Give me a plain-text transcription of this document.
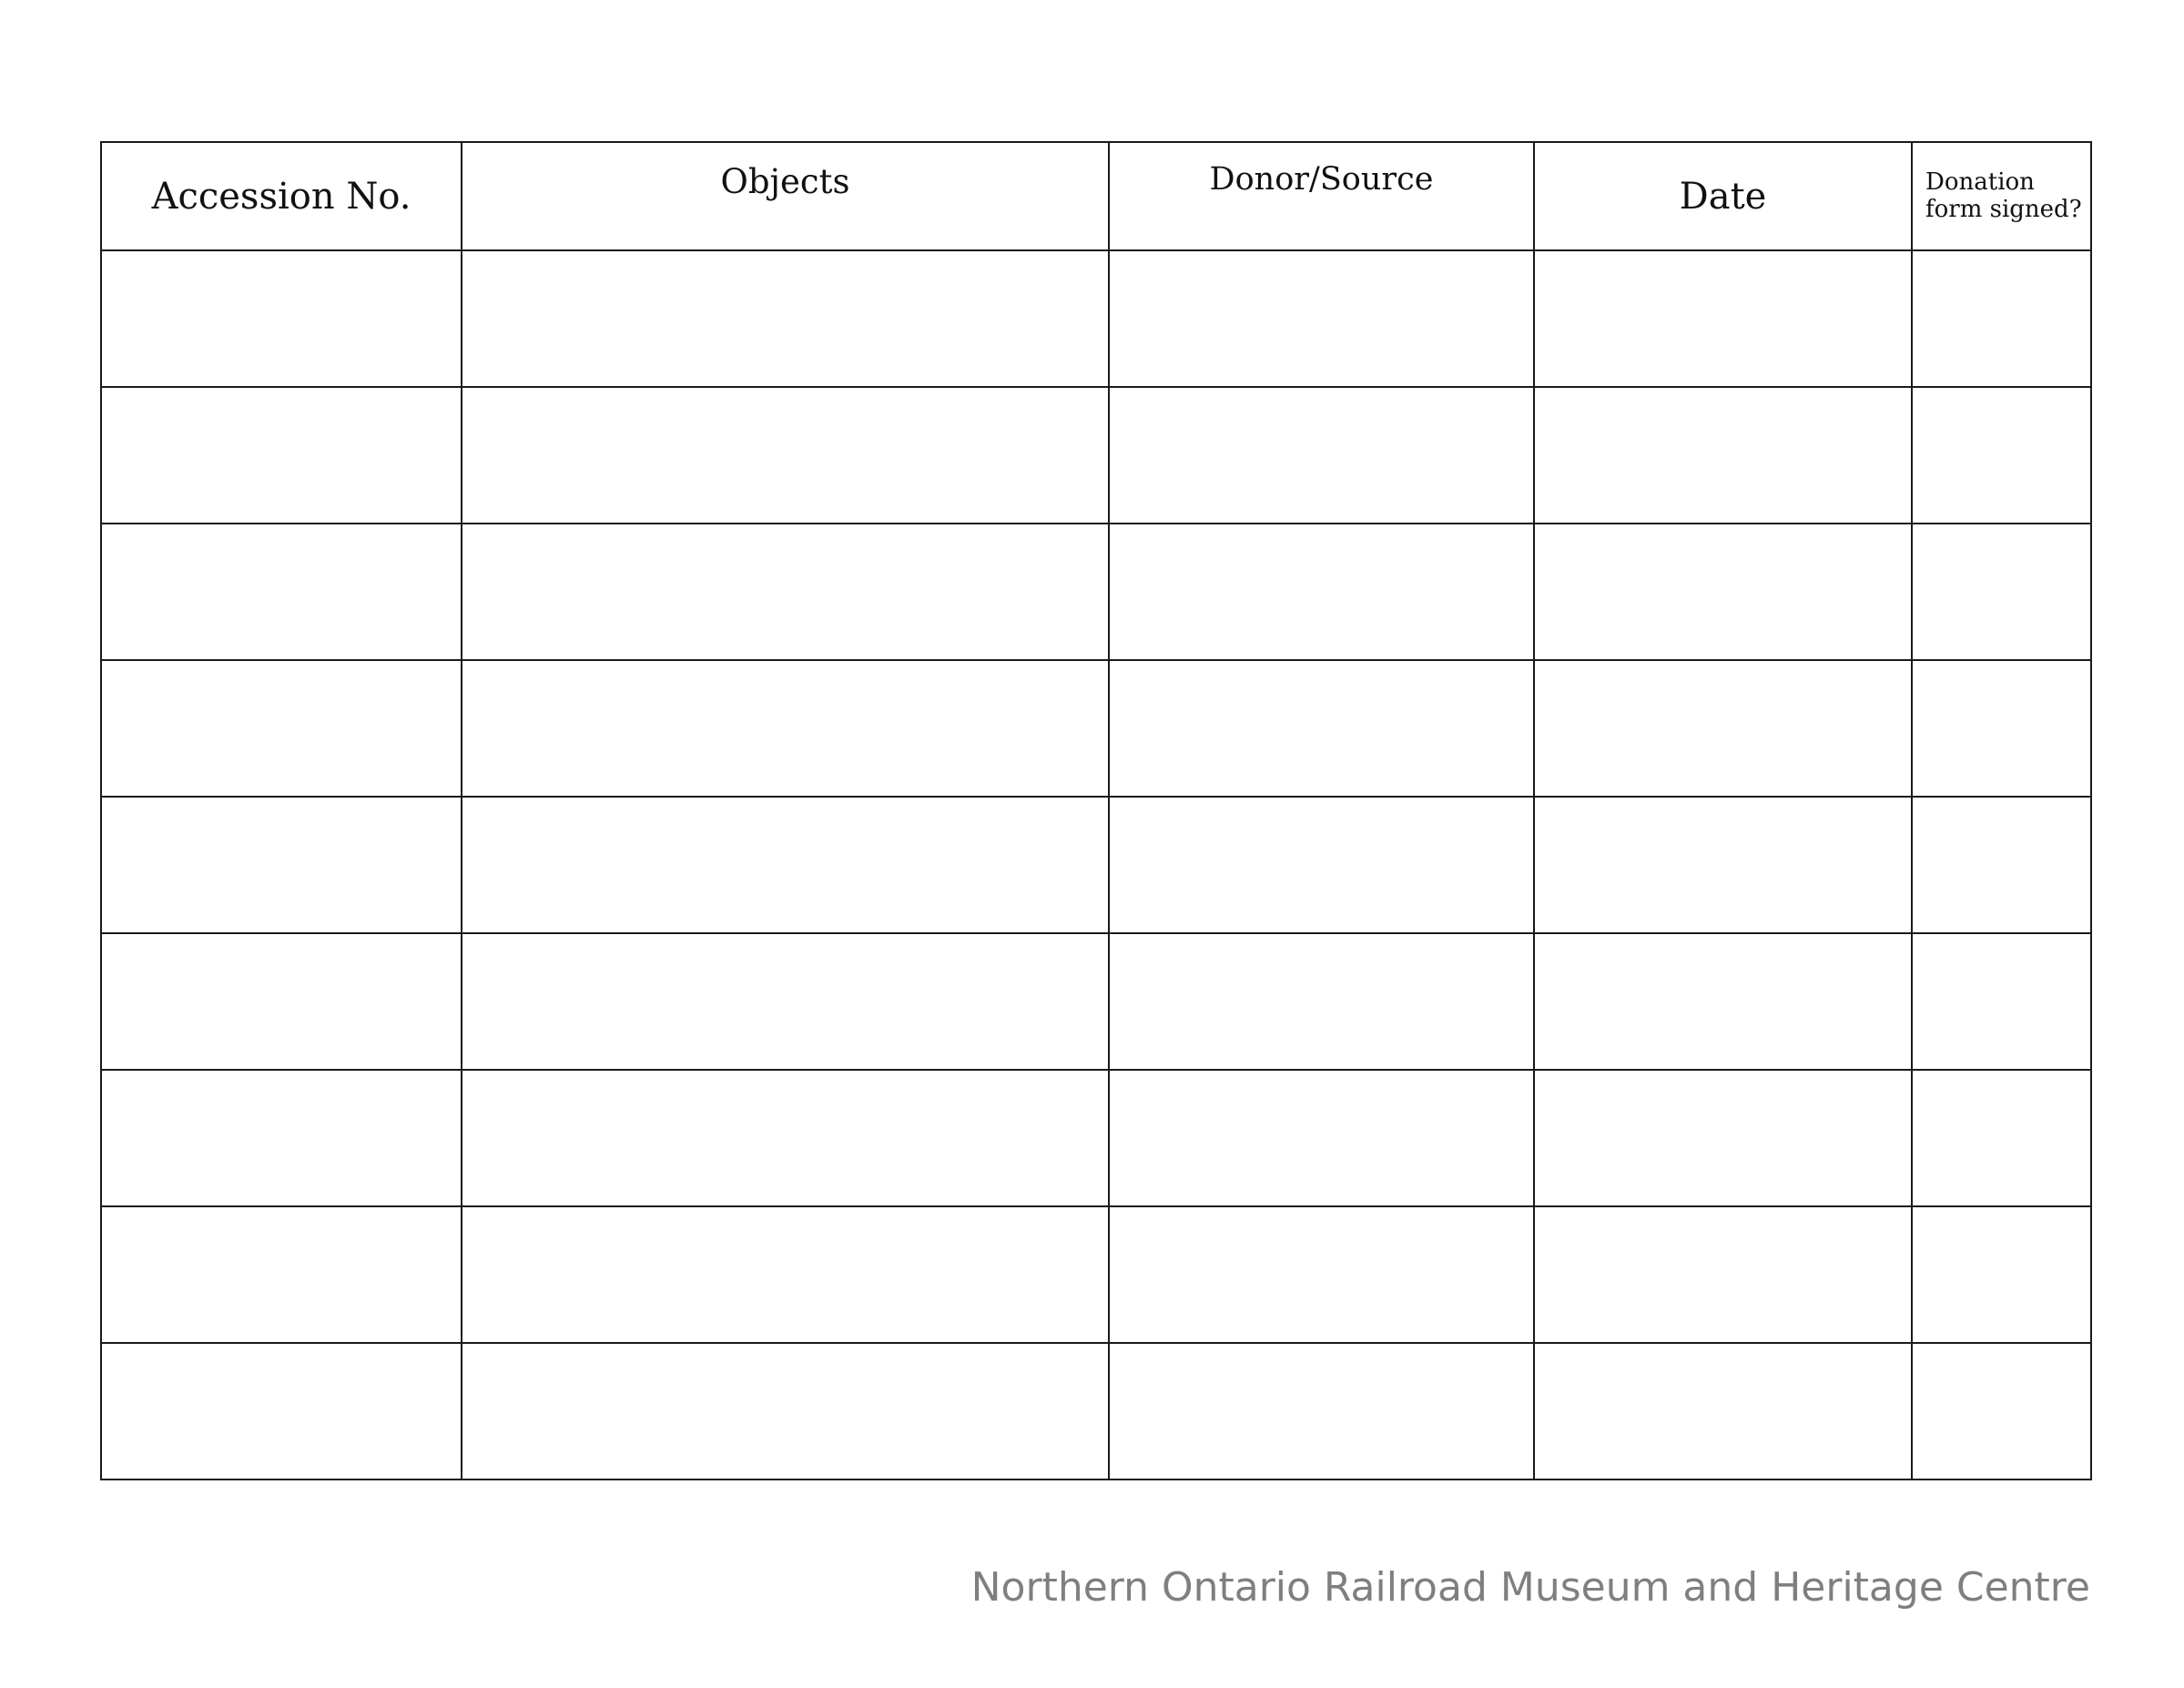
Accession No.	Objects	Donor/Source	Date	Donation
form signed?

Northern Ontario Railroad Museum and Heritage Centre
